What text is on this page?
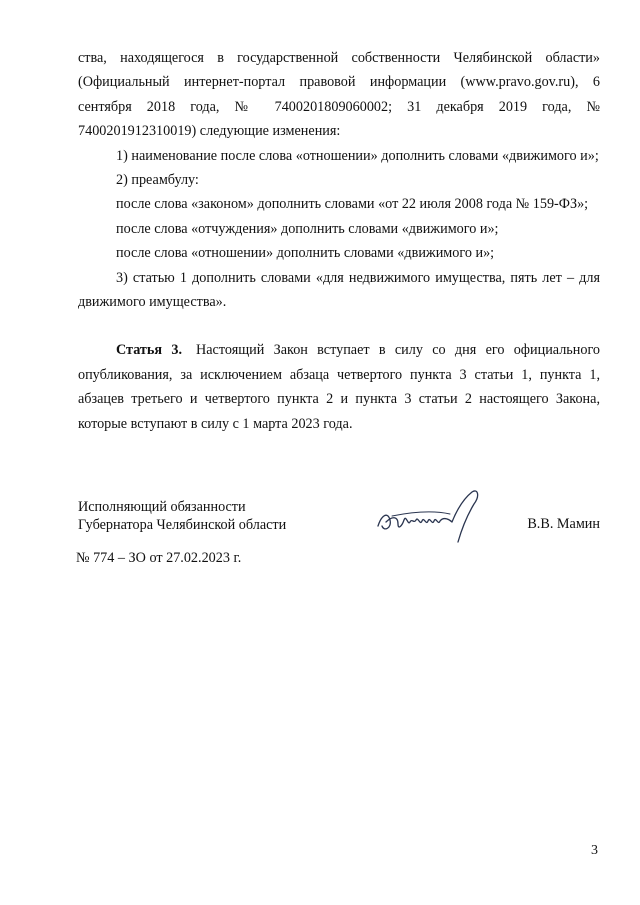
ства, находящегося в государственной собственности Челябинской области» (Официальный интернет-портал правовой информации (www.pravo.gov.ru), 6 сентября 2018 года, № 7400201809060002; 31 декабря 2019 года, № 7400201912310019) следующие изменения:

1) наименование после слова «отношении» дополнить словами «движимого и»;

2) преамбулу:

после слова «законом» дополнить словами «от 22 июля 2008 года № 159-ФЗ»;

после слова «отчуждения» дополнить словами «движимого и»;

после слова «отношении» дополнить словами «движимого и»;

3) статью 1 дополнить словами «для недвижимого имущества, пять лет – для движимого имущества».

Статья 3. Настоящий Закон вступает в силу со дня его официального опубликования, за исключением абзаца четвертого пункта 3 статьи 1, пункта 1, абзацев третьего и четвертого пункта 2 и пункта 3 статьи 2 настоящего Закона, которые вступают в силу с 1 марта 2023 года.

Исполняющий обязанности
Губернатора Челябинской области	В.В. Мамин
№ 774 – ЗО от 27.02.2023 г.
3
